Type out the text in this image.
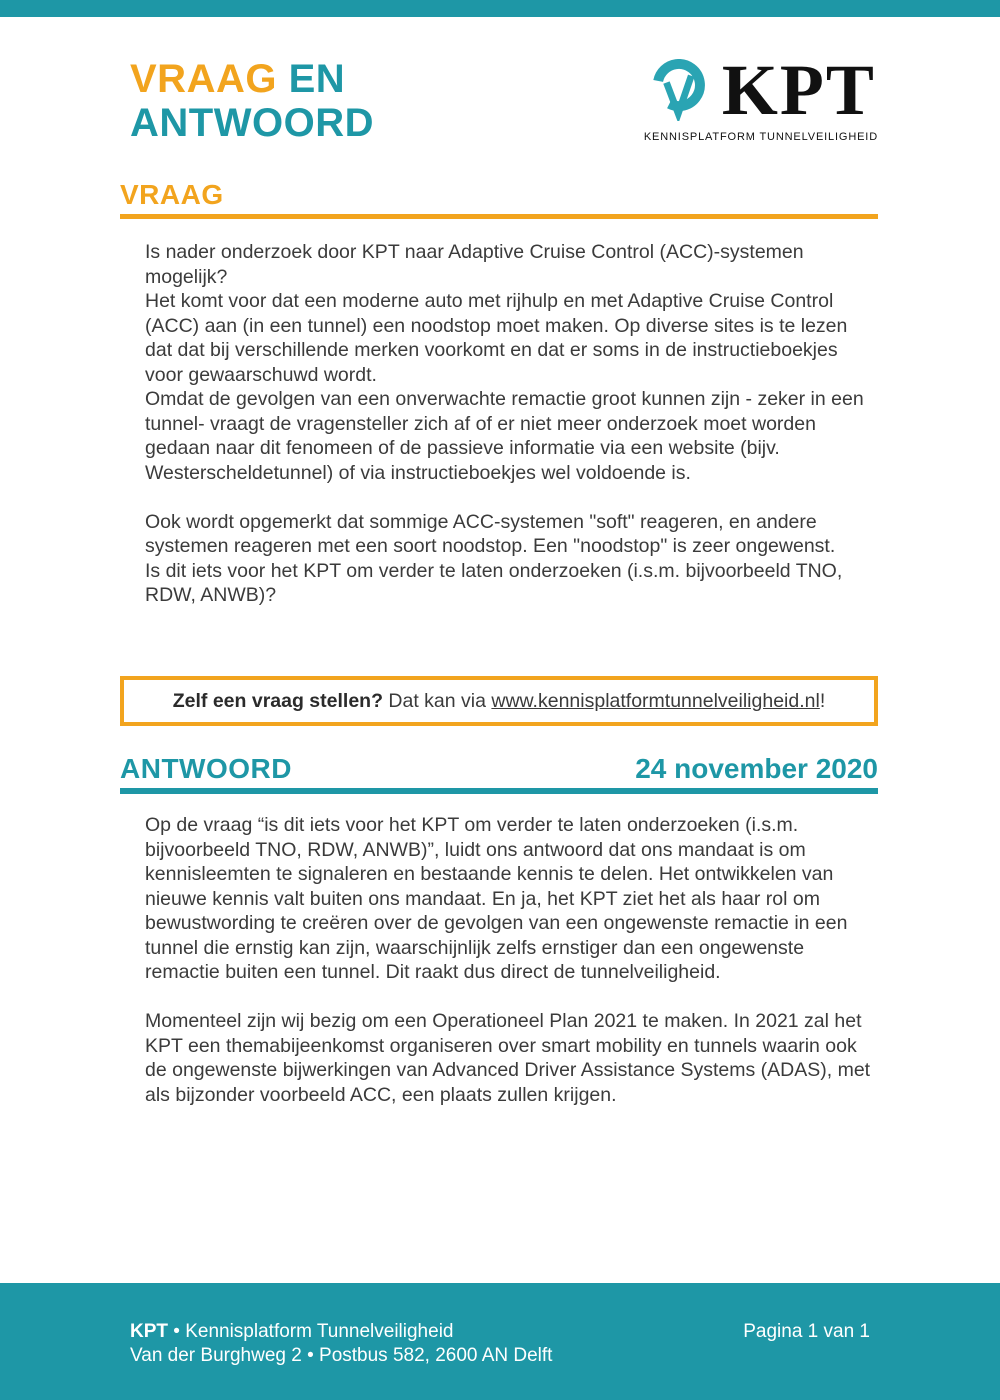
VRAAG EN
ANTWOORD	KPT
KENNISPLATFORM TUNNELVEILIGHEID
VRAAG

Is nader onderzoek door KPT naar Adaptive Cruise Control (ACC)-systemen mogelijk?

Het komt voor dat een moderne auto met rijhulp en met Adaptive Cruise Control (ACC) aan (in een tunnel) een noodstop moet maken. Op diverse sites is te lezen dat dat bij verschillende merken voorkomt en dat er soms in de instructieboekjes voor gewaarschuwd wordt.

Omdat de gevolgen van een onverwachte remactie groot kunnen zijn - zeker in een tunnel- vraagt de vragensteller zich af of er niet meer onderzoek moet worden gedaan naar dit fenomeen of de passieve informatie via een website (bijv. Westerscheldetunnel) of via instructieboekjes wel voldoende is.

Ook wordt opgemerkt dat sommige ACC-systemen "soft" reageren, en andere systemen reageren met een soort noodstop. Een "noodstop" is zeer ongewenst.

Is dit iets voor het KPT om verder te laten onderzoeken (i.s.m. bijvoorbeeld TNO, RDW, ANWB)?

Zelf een vraag stellen? Dat kan via www.kennisplatformtunnelveiligheid.nl!

ANTWOORD	24 november 2020

Op de vraag “is dit iets voor het KPT om verder te laten onderzoeken (i.s.m. bijvoorbeeld TNO, RDW, ANWB)”, luidt ons antwoord dat ons mandaat is om kennisleemten te signaleren en bestaande kennis te delen. Het ontwikkelen van nieuwe kennis valt buiten ons mandaat. En ja, het KPT ziet het als haar rol om bewustwording te creëren over de gevolgen van een ongewenste remactie in een tunnel die ernstig kan zijn, waarschijnlijk zelfs ernstiger dan een ongewenste remactie buiten een tunnel. Dit raakt dus direct de tunnelveiligheid.

Momenteel zijn wij bezig om een Operationeel Plan 2021 te maken. In 2021 zal het KPT een themabijeenkomst organiseren over smart mobility en tunnels waarin ook de ongewenste bijwerkingen van Advanced Driver Assistance Systems (ADAS), met als bijzonder voorbeeld ACC, een plaats zullen krijgen.

KPT • Kennisplatform Tunnelveiligheid

Van der Burghweg 2 • Postbus 582, 2600 AN Delft

Pagina 1 van 1
